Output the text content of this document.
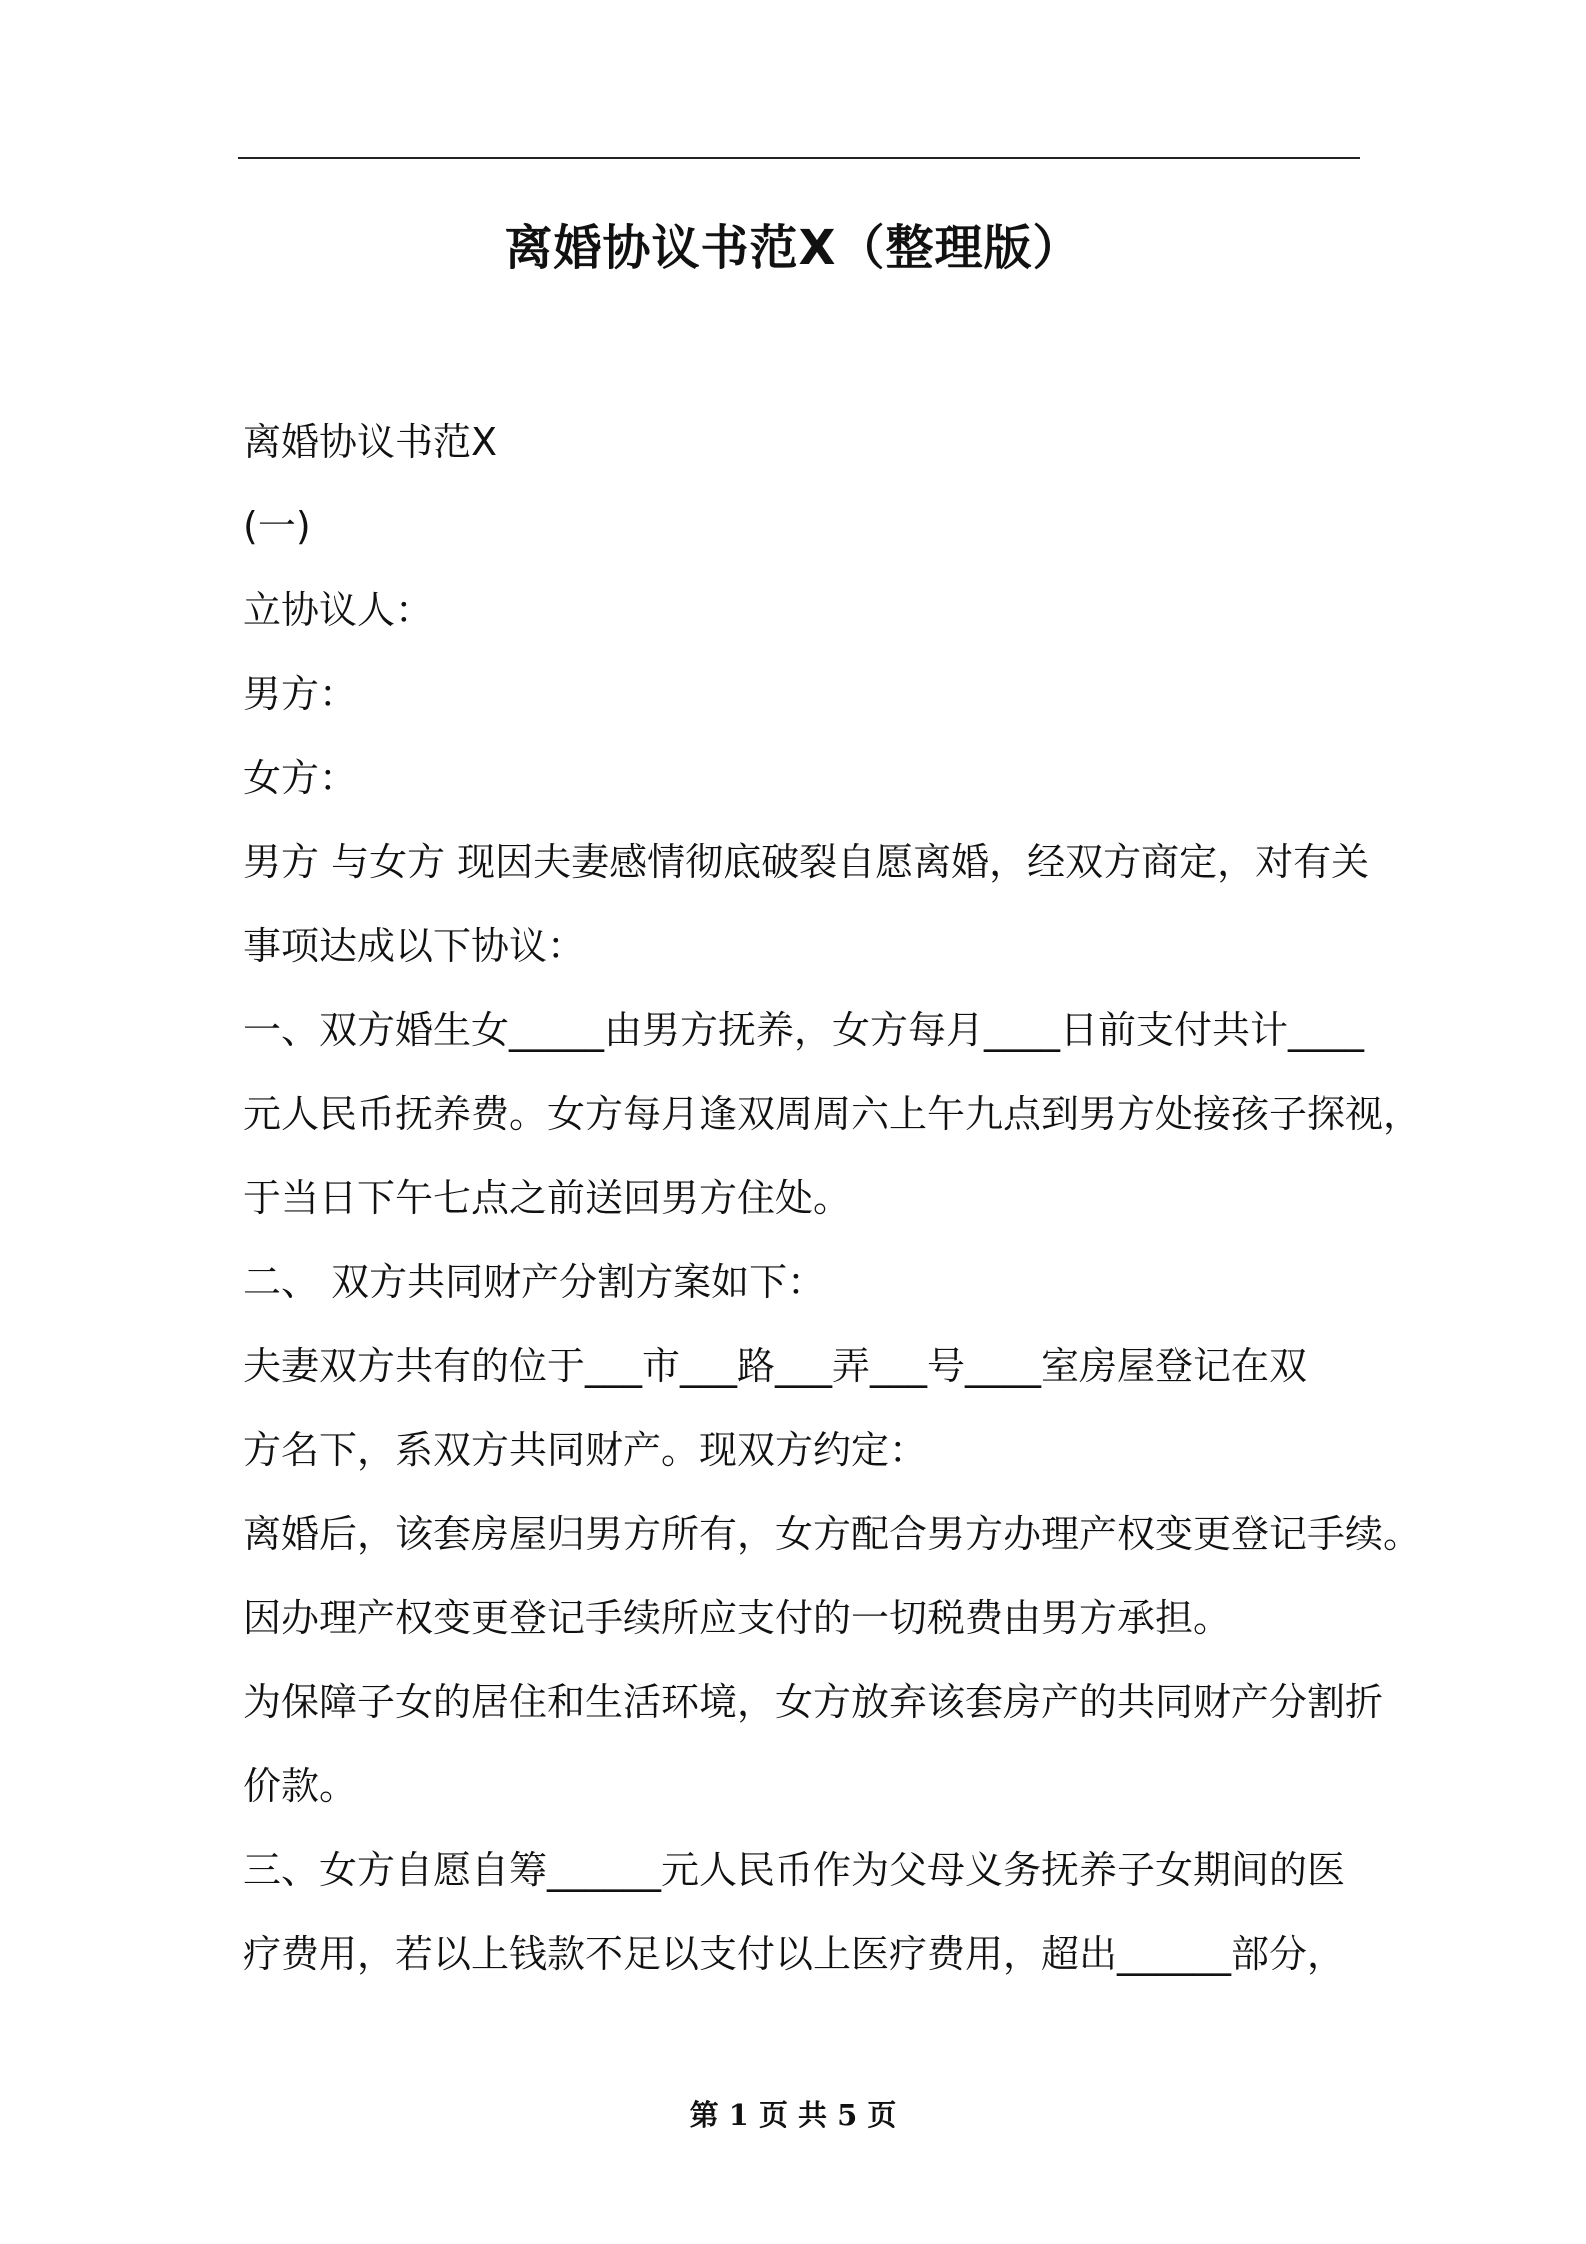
离婚协议书范X（整理版）

离婚协议书范X

(一)

立协议人：

男方：

女方：

男方 与女方 现因夫妻感情彻底破裂自愿离婚，经双方商定，对有关

事项达成以下协议：

一、双方婚生女_____由男方抚养，女方每月____日前支付共计____

元人民币抚养费。女方每月逢双周周六上午九点到男方处接孩子探视，

于当日下午七点之前送回男方住处。

二、 双方共同财产分割方案如下：

夫妻双方共有的位于___市___路___弄___号____室房屋登记在双

方名下，系双方共同财产。现双方约定：

离婚后，该套房屋归男方所有，女方配合男方办理产权变更登记手续。

因办理产权变更登记手续所应支付的一切税费由男方承担。

为保障子女的居住和生活环境，女方放弃该套房产的共同财产分割折

价款。

三、女方自愿自筹______元人民币作为父母义务抚养子女期间的医

疗费用，若以上钱款不足以支付以上医疗费用，超出______部分，

第 1 页 共 5 页
